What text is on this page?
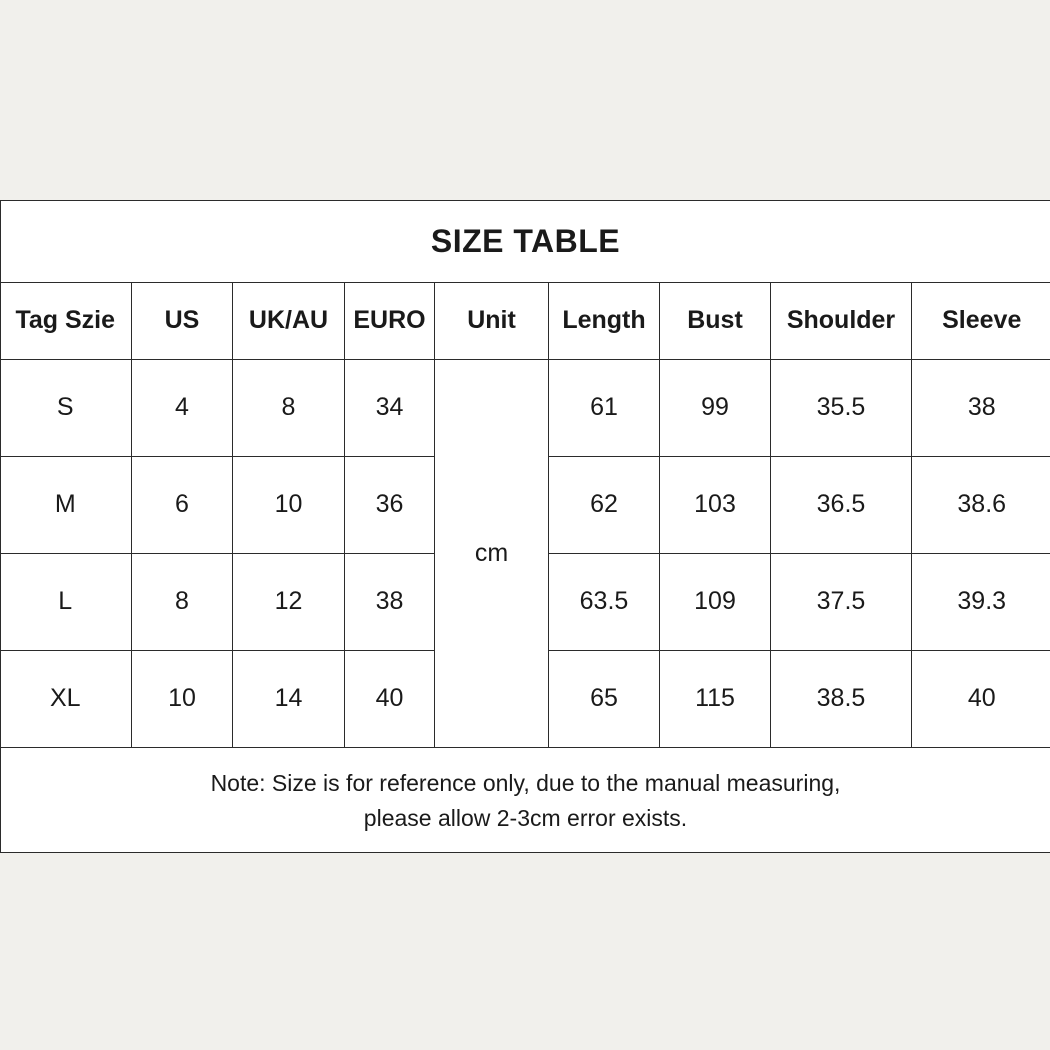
SIZE TABLE
Tag Szie	US	UK/AU	EURO	Unit	Length	Bust	Shoulder	Sleeve
S	4	8	34	cm	61	99	35.5	38
M	6	10	36		62	103	36.5	38.6
L	8	12	38		63.5	109	37.5	39.3
XL	10	14	40		65	115	38.5	40
Note: Size is for reference only, due to the manual measuring,
please allow 2-3cm error exists.
